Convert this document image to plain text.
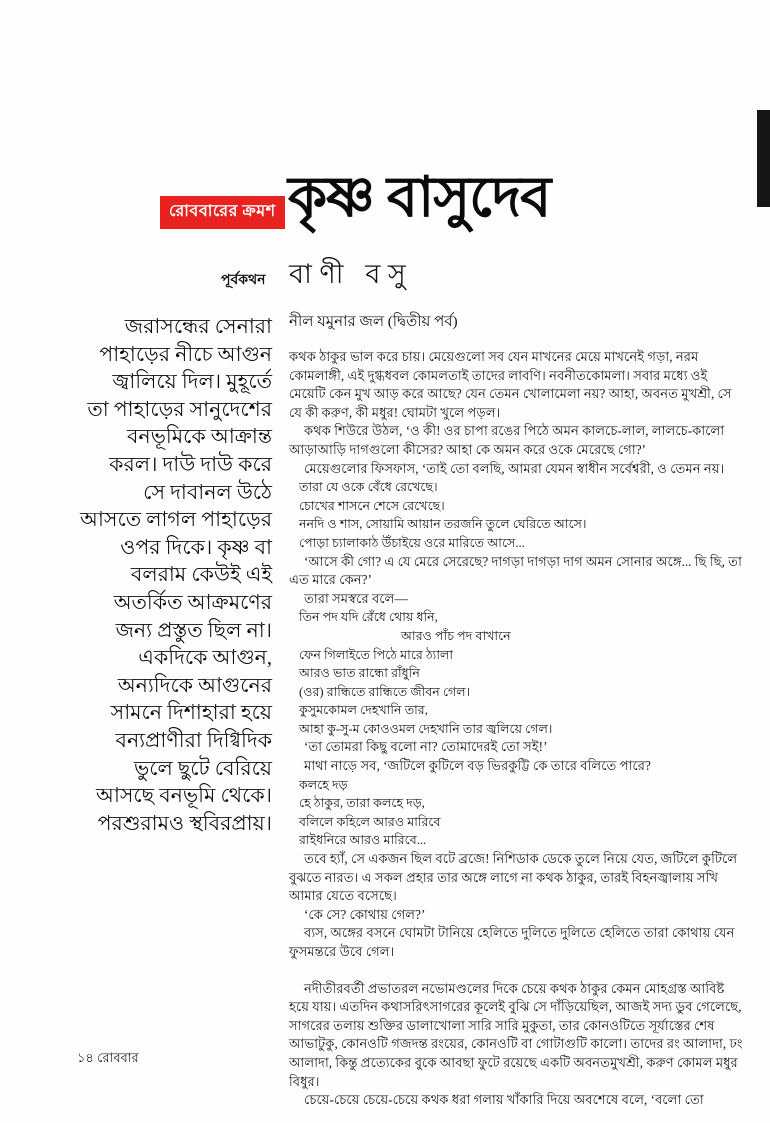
রোববারের ক্রমশ কৃষ্ণ বাসুদেব
পূর্বকথন বাণী বসু
নীল যমুনার জল (দ্বিতীয় পর্ব)
জরাসন্ধের সেনারা
পাহাড়ের নীচে আগুন
জ্বালিয়ে দিল। মুহূর্তে
তা পাহাড়ের সানুদেশের
বনভূমিকে আক্রান্ত
করল। দাউ দাউ করে
সে দাবানল উঠে
আসতে লাগল পাহাড়ের
ওপর দিকে। কৃষ্ণ বা
বলরাম কেউই এই
অতর্কিত আক্রমণের
জন্য প্রস্তুত ছিল না।
একদিকে আগুন,
অন্যদিকে আগুনের
সামনে দিশাহারা হয়ে
বন্যপ্রাণীরা দিগ্বিদিক
ভুলে ছুটে বেরিয়ে
আসছে বনভূমি থেকে।
পরশুরামও স্থবিরপ্রায়।
কথক ঠাকুর ভাল করে চায়। মেয়েগুলো সব যেন মাখনের মেয়ে মাখনেই গড়া, নরম কোমলাঙ্গী, এই দুগ্ধধবল কোমলতাই তাদের লাবণি। নবনীতকোমলা। সবার মধ্যে ওই মেয়েটি কেন মুখ আড় করে আছে? যেন তেমন খোলামেলা নয়? আহা, অবনত মুখশ্রী, সে যে কী করুণ, কী মধুর! ঘোমটা খুলে পড়ল।
কথক শিউরে উঠল, ‘ও কী! ওর চাপা রঙের পিঠে অমন কালচে-লাল, লালচে-কালো আড়াআড়ি দাগগুলো কীসের? আহা কে অমন করে ওকে মেরেছে গো?’
মেয়েগুলোর ফিসফাস, ‘তাই তো বলছি, আমরা যেমন স্বাধীন সর্বেশ্বরী, ও তেমন নয়।
তারা যে ওকে বেঁধে রেখেছে।
চোখের শাসনে শেসে রেখেছে।
ননদি ও শাস, সোয়ামি আয়ান তরজনি তুলে ঘেরিতে আসে।
পোড়া চ্যালাকাঠ উঁচাইয়ে ওরে মারিতে আসে...
‘আসে কী গো? এ যে মেরে সেরেছে? দাগড়া দাগড়া দাগ অমন সোনার অঙ্গে... ছি ছি, তা এত মারে কেন?’
তারা সমস্বরে বলে—
তিন পদ যদি রেঁধে থোয় ধনি,
আরও পাঁচ পদ বাখানে
ফেন গিলাইতে পিঠে মারে ঠ্যালা
আরও ভাত রান্ধো রাঁধুনি
(ওর) রান্ধিতে রান্ধিতে জীবন গেল।
কুসুমকোমল দেহখানি তার,
আহা কু-সু-ম কোওওমল দেহখানি তার জ্বলিয়ে গেল।
‘তা তোমরা কিছু বলো না? তোমাদেরই তো সই!’
মাথা নাড়ে সব, ‘জটিলে কুটিলে বড় ভিরকুট্টি কে তারে বলিতে পারে?
কলহে দড়
হে ঠাকুর, তারা কলহে দড়,
বলিলে কহিলে আরও মারিবে
রাইধনিরে আরও মারিবে...
তবে হ্যাঁ, সে একজন ছিল বটে ব্রজে! নিশিডাক ডেকে তুলে নিয়ে যেত, জটিলে কুটিলে বুঝতে নারত। এ সকল প্রহার তার অঙ্গে লাগে না কথক ঠাকুর, তারই বিহনজ্বালায় সখি আমার যেতে বসেছে।
‘কে সে? কোথায় গেল?’
ব্যস, অঙ্গের বসনে ঘোমটা টানিয়ে হেলিতে দুলিতে দুলিতে হেলিতে তারা কোথায় যেন ফুসমন্তরে উবে গেল।
নদীতীরবর্তী প্রভাতরল নভোমণ্ডলের দিকে চেয়ে কথক ঠাকুর কেমন মোহগ্রস্ত আবিষ্ট হয়ে যায়। এতদিন কথাসরিৎসাগরের কূলেই বুঝি সে দাঁড়িয়েছিল, আজই সদ্য ডুব গেলেছে, সাগরের তলায় শুক্তির ডালাখোলা সারি সারি মুকুতা, তার কোনওটিতে সূর্যাস্তের শেষ আভাটুকু, কোনওটি গজদন্ত রংয়ের, কোনওটি বা গোটাগুটি কালো। তাদের রং আলাদা, ঢং আলাদা, কিন্তু প্রত্যেকের বুকে আবছা ফুটে রয়েছে একটি অবনতমুখশ্রী, করুণ কোমল মধুর বিধুর।
চেয়ে-চেয়ে চেয়ে-চেয়ে কথক ধরা গলায় খাঁকারি দিয়ে অবশেষে বলে, ‘বলো তো
১৪ রোববার
